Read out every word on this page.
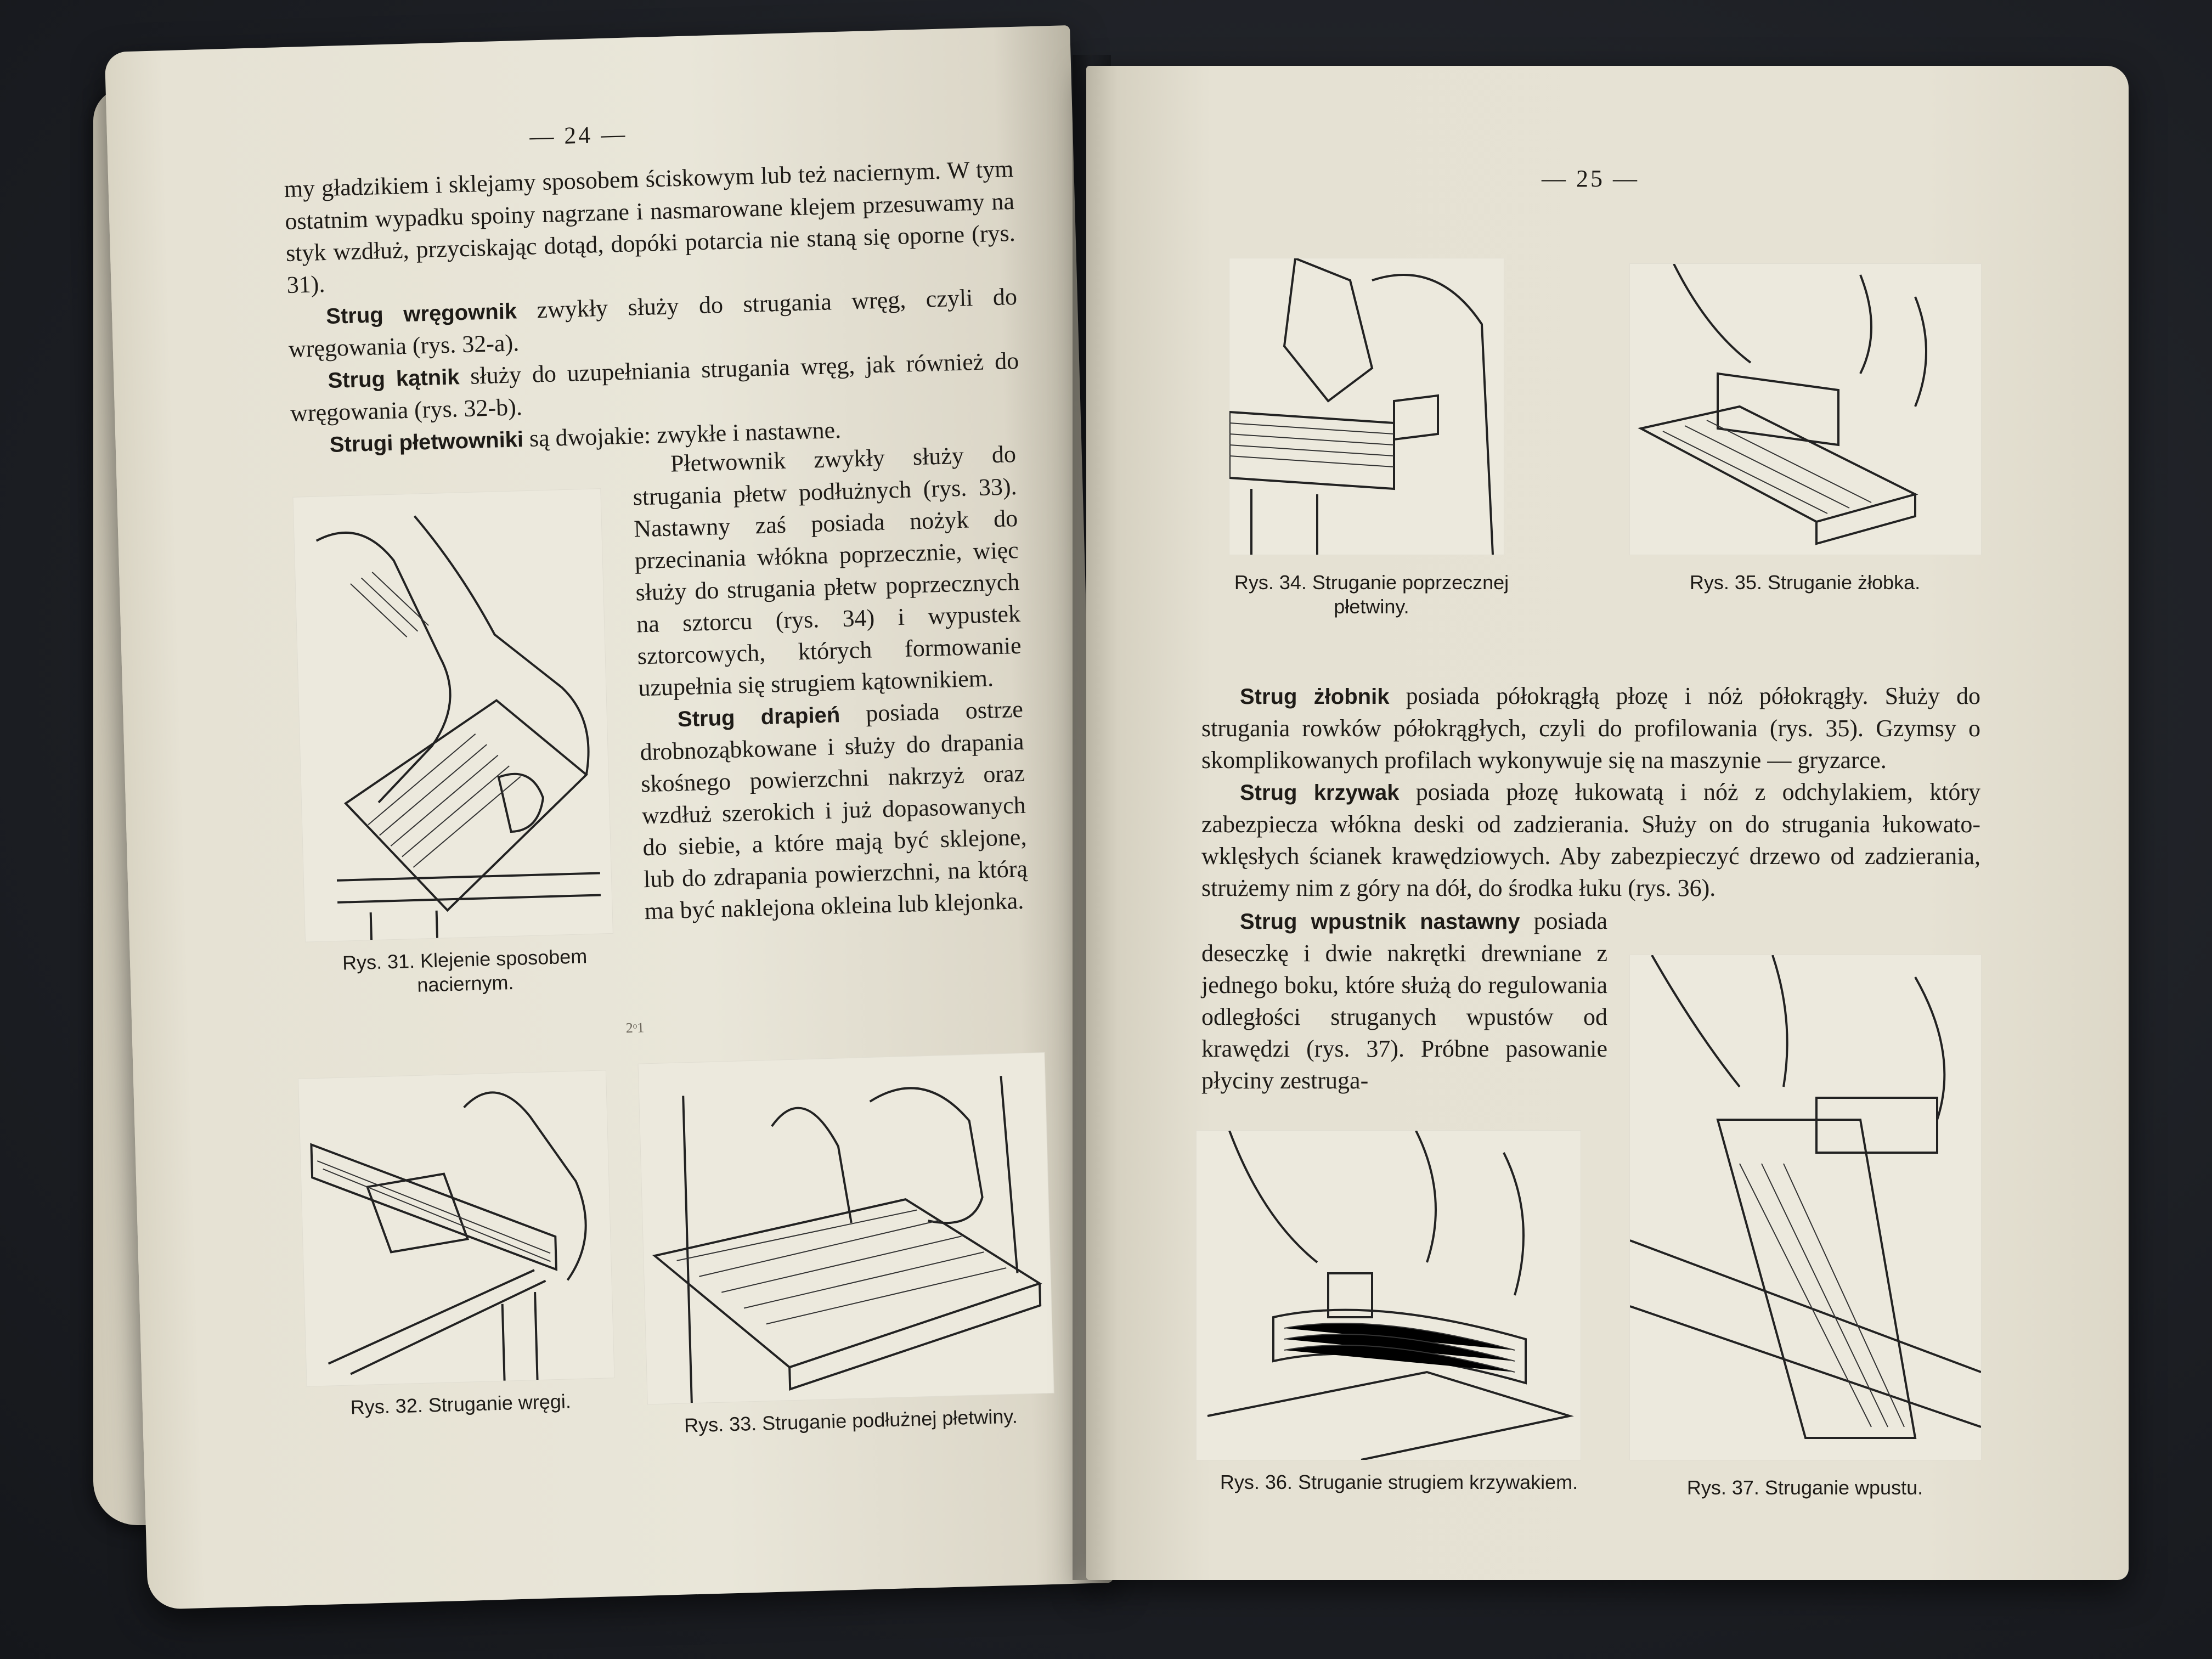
— 24 —

my gładzikiem i sklejamy sposobem ściskowym lub też naciernym. W tym ostatnim wypadku spoiny nagrzane i nasmarowane klejem przesuwamy na styk wzdłuż, przyciskając dotąd, dopóki potarcia nie staną się oporne (rys. 31).

Strug wręgownik zwykły służy do strugania wręg, czyli do wręgowania (rys. 32-a).

Strug kątnik służy do uzupełniania strugania wręg, jak również do wręgowania (rys. 32-b).

Strugi płetwowniki są dwojakie: zwykłe i nastawne.

Płetwownik zwykły służy do strugania płetw podłużnych (rys. 33). Nastawny zaś posiada nożyk do przecinania włókna poprzecznie, więc służy do strugania płetw poprzecznych na sztorcu (rys. 34) i wypustek sztorcowych, których formowanie uzupełnia się strugiem kątownikiem.

Strug drapień posiada ostrze drobnoząbkowane i służy do drapania skośnego powierzchni nakrzyż oraz wzdłuż szerokich i już dopasowanych do siebie, a które mają być sklejone, lub do zdrapania powierzchni, na którą ma być naklejona okleina lub klejonka.

Rys. 31. Klejenie sposobem naciernym.
2ᵒ1
Rys. 32. Struganie wręgi.
Rys. 33. Struganie podłużnej płetwiny.
— 25 —
Rys. 34. Struganie poprzecznej płetwiny.
Rys. 35. Struganie żłobka.

Strug żłobnik posiada półokrągłą płozę i nóż półokrągły. Służy do strugania rowków półokrągłych, czyli do profilowania (rys. 35). Gzymsy o skomplikowanych profilach wykonywuje się na maszynie — gryzarce.

Strug krzywak posiada płozę łukowatą i nóż z odchylakiem, który zabezpiecza włókna deski od zadzierania. Służy on do strugania łukowato-wklęsłych ścianek krawędziowych. Aby zabezpieczyć drzewo od zadzierania, strużemy nim z góry na dół, do środka łuku (rys. 36).

Strug wpustnik nastawny posiada deseczkę i dwie nakrętki drewniane z jednego boku, które służą do regulowania odległości struganych wpustów od krawędzi (rys. 37). Próbne pasowanie płyciny zestruga-

Rys. 36. Struganie strugiem krzywakiem.	Rys. 37. Struganie wpustu.
